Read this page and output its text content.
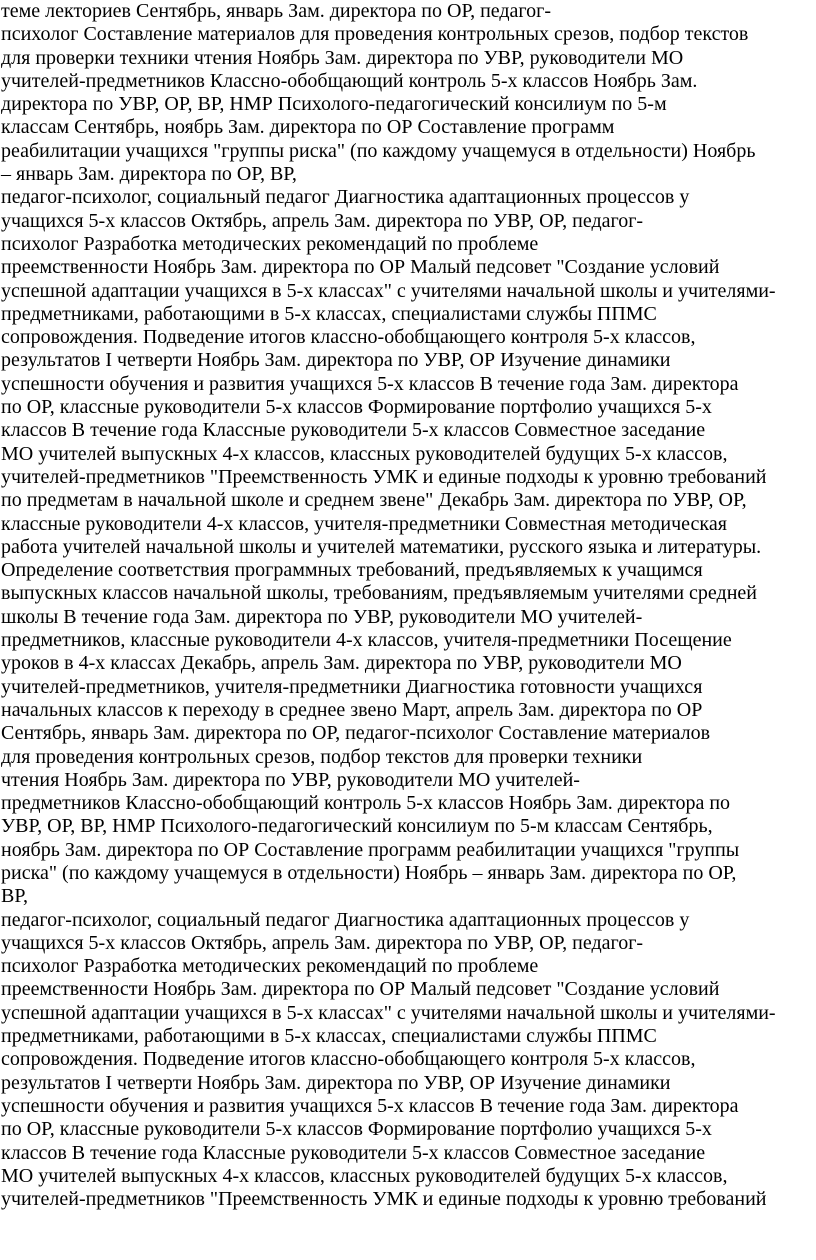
теме лекториев Сентябрь, январь Зам. директора по ОР, педагог-
психолог Составление материалов для проведения контрольных срезов, подбор текстов
для проверки техники чтения Ноябрь Зам. директора по УВР, руководители МО
учителей-предметников Классно-обобщающий контроль 5-х классов Ноябрь Зам.
директора по УВР, ОР, ВР, НМР Психолого-педагогический консилиум по 5-м
классам Сентябрь, ноябрь Зам. директора по ОР Составление программ
реабилитации учащихся "группы риска" (по каждому учащемуся в отдельности) Ноябрь
– январь Зам. директора по ОР, ВР,
педагог-психолог, социальный педагог Диагностика адаптационных процессов у
учащихся 5-х классов Октябрь, апрель Зам. директора по УВР, ОР, педагог-
психолог Разработка методических рекомендаций по проблеме
преемственности Ноябрь Зам. директора по ОР Малый педсовет "Создание условий
успешной адаптации учащихся в 5-х классах" с учителями начальной школы и учителями-
предметниками, работающими в 5-х классах, специалистами службы ППМС
сопровождения. Подведение итогов классно-обобщающего контроля 5-х классов,
результатов I четверти Ноябрь Зам. директора по УВР, ОР Изучение динамики
успешности обучения и развития учащихся 5-х классов В течение года Зам. директора
по ОР, классные руководители 5-х классов Формирование портфолио учащихся 5-х
классов В течение года Классные руководители 5-х классов Совместное заседание
МО учителей выпускных 4-х классов, классных руководителей будущих 5-х классов,
учителей-предметников "Преемственность УМК и единые подходы к уровню требований
по предметам в начальной школе и среднем звене" Декабрь Зам. директора по УВР, ОР,
классные руководители 4-х классов, учителя-предметники Совместная методическая
работа учителей начальной школы и учителей математики, русского языка и литературы.
Определение соответствия программных требований, предъявляемых к учащимся
выпускных классов начальной школы, требованиям, предъявляемым учителями средней
школы В течение года Зам. директора по УВР, руководители МО учителей-
предметников, классные руководители 4-х классов, учителя-предметники Посещение
уроков в 4-х классах Декабрь, апрель Зам. директора по УВР, руководители МО
учителей-предметников, учителя-предметники Диагностика готовности учащихся
начальных классов к переходу в среднее звено Март, апрель Зам. директора по ОР
Сентябрь, январь Зам. директора по ОР, педагог-психолог Составление материалов
для проведения контрольных срезов, подбор текстов для проверки техники
чтения Ноябрь Зам. директора по УВР, руководители МО учителей-
предметников Классно-обобщающий контроль 5-х классов Ноябрь Зам. директора по
УВР, ОР, ВР, НМР Психолого-педагогический консилиум по 5-м классам Сентябрь,
ноябрь Зам. директора по ОР Составление программ реабилитации учащихся "группы
риска" (по каждому учащемуся в отдельности) Ноябрь – январь Зам. директора по ОР,
ВР,
педагог-психолог, социальный педагог Диагностика адаптационных процессов у
учащихся 5-х классов Октябрь, апрель Зам. директора по УВР, ОР, педагог-
психолог Разработка методических рекомендаций по проблеме
преемственности Ноябрь Зам. директора по ОР Малый педсовет "Создание условий
успешной адаптации учащихся в 5-х классах" с учителями начальной школы и учителями-
предметниками, работающими в 5-х классах, специалистами службы ППМС
сопровождения. Подведение итогов классно-обобщающего контроля 5-х классов,
результатов I четверти Ноябрь Зам. директора по УВР, ОР Изучение динамики
успешности обучения и развития учащихся 5-х классов В течение года Зам. директора
по ОР, классные руководители 5-х классов Формирование портфолио учащихся 5-х
классов В течение года Классные руководители 5-х классов Совместное заседание
МО учителей выпускных 4-х классов, классных руководителей будущих 5-х классов,
учителей-предметников "Преемственность УМК и единые подходы к уровню требований
